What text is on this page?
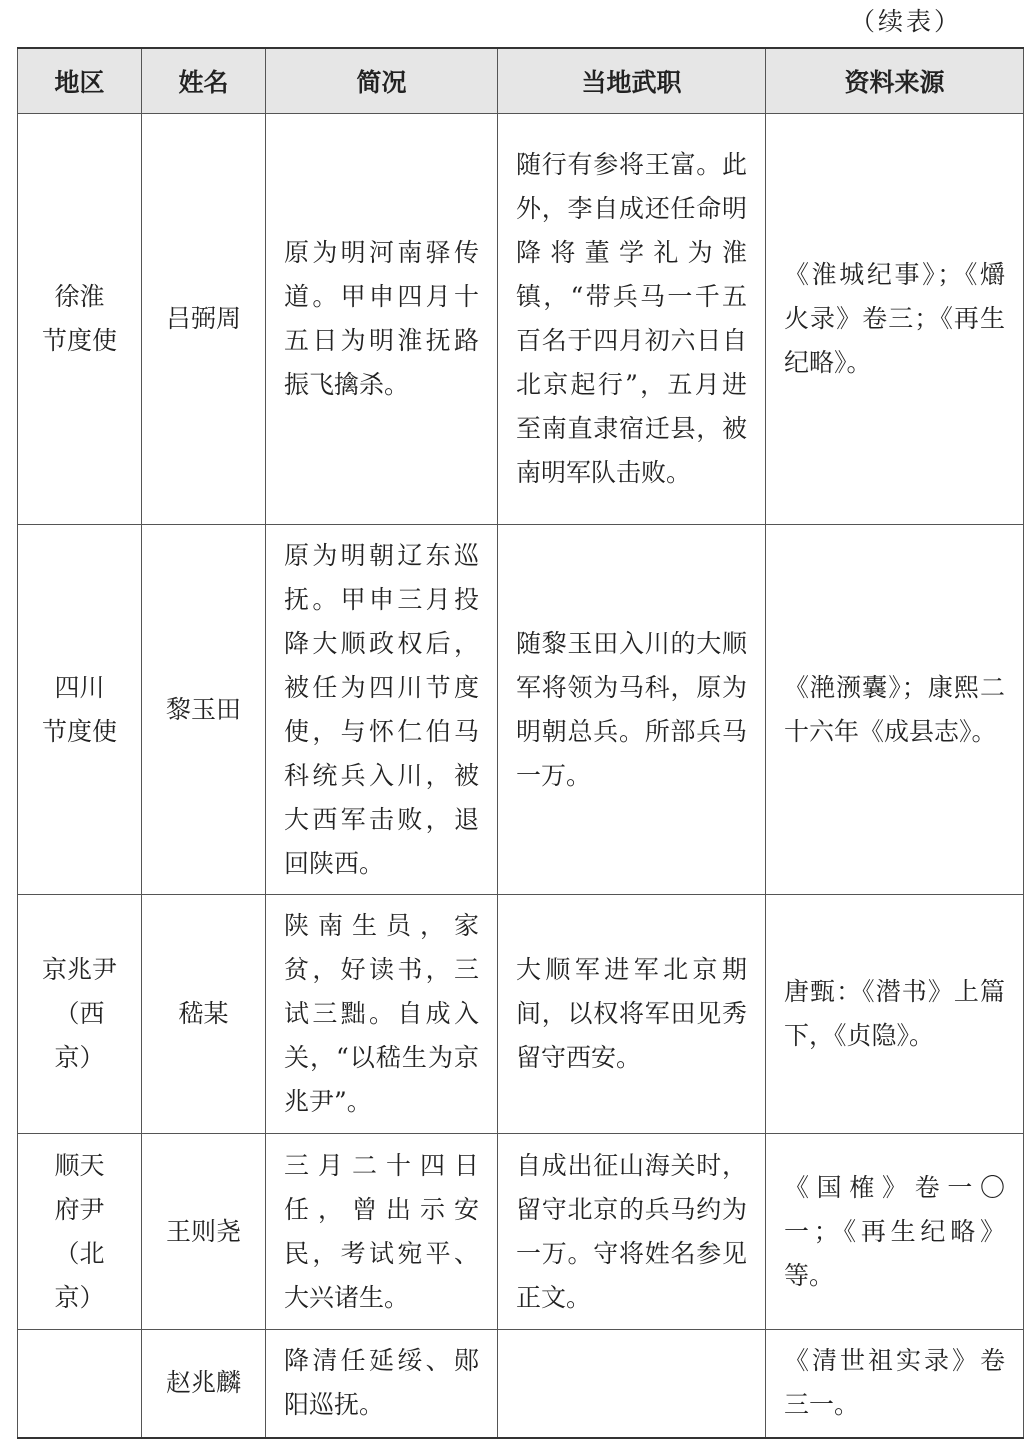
（续表）
地区	姓名	简况	当地武职	资料来源

徐淮
节度使	吕弼周	原为明河南驿传道。甲申四月十五日为明淮抚路振飞擒杀。	随行有参将王富。此外，李自成还任命明降将董学礼为淮镇，“带兵马一千五百名于四月初六日自北京起行”，五月进至南直隶宿迁县，被南明军队击败。	《淮城纪事》；《爝火录》卷三；《再生纪略》。

四川
节度使	黎玉田	原为明朝辽东巡抚。甲申三月投降大顺政权后，被任为四川节度使，与怀仁伯马科统兵入川，被大西军击败，退回陕西。	随黎玉田入川的大顺军将领为马科，原为明朝总兵。所部兵马一万。	《滟滪囊》；康熙二十六年《成县志》。

京兆尹
（西
京）	嵇某	陕南生员，家贫，好读书，三试三黜。自成入关，“以嵇生为京兆尹”。	大顺军进军北京期间，以权将军田见秀留守西安。	唐甄：《潜书》上篇下，《贞隐》。

顺天
府尹
（北
京）	王则尧	三月二十四日任，曾出示安民，考试宛平、大兴诸生。	自成出征山海关时，留守北京的兵马约为一万。守将姓名参见正文。	《国榷》卷一〇一；《再生纪略》等。
	赵兆麟	降清任延绥、郧阳巡抚。		《清世祖实录》卷三一。
